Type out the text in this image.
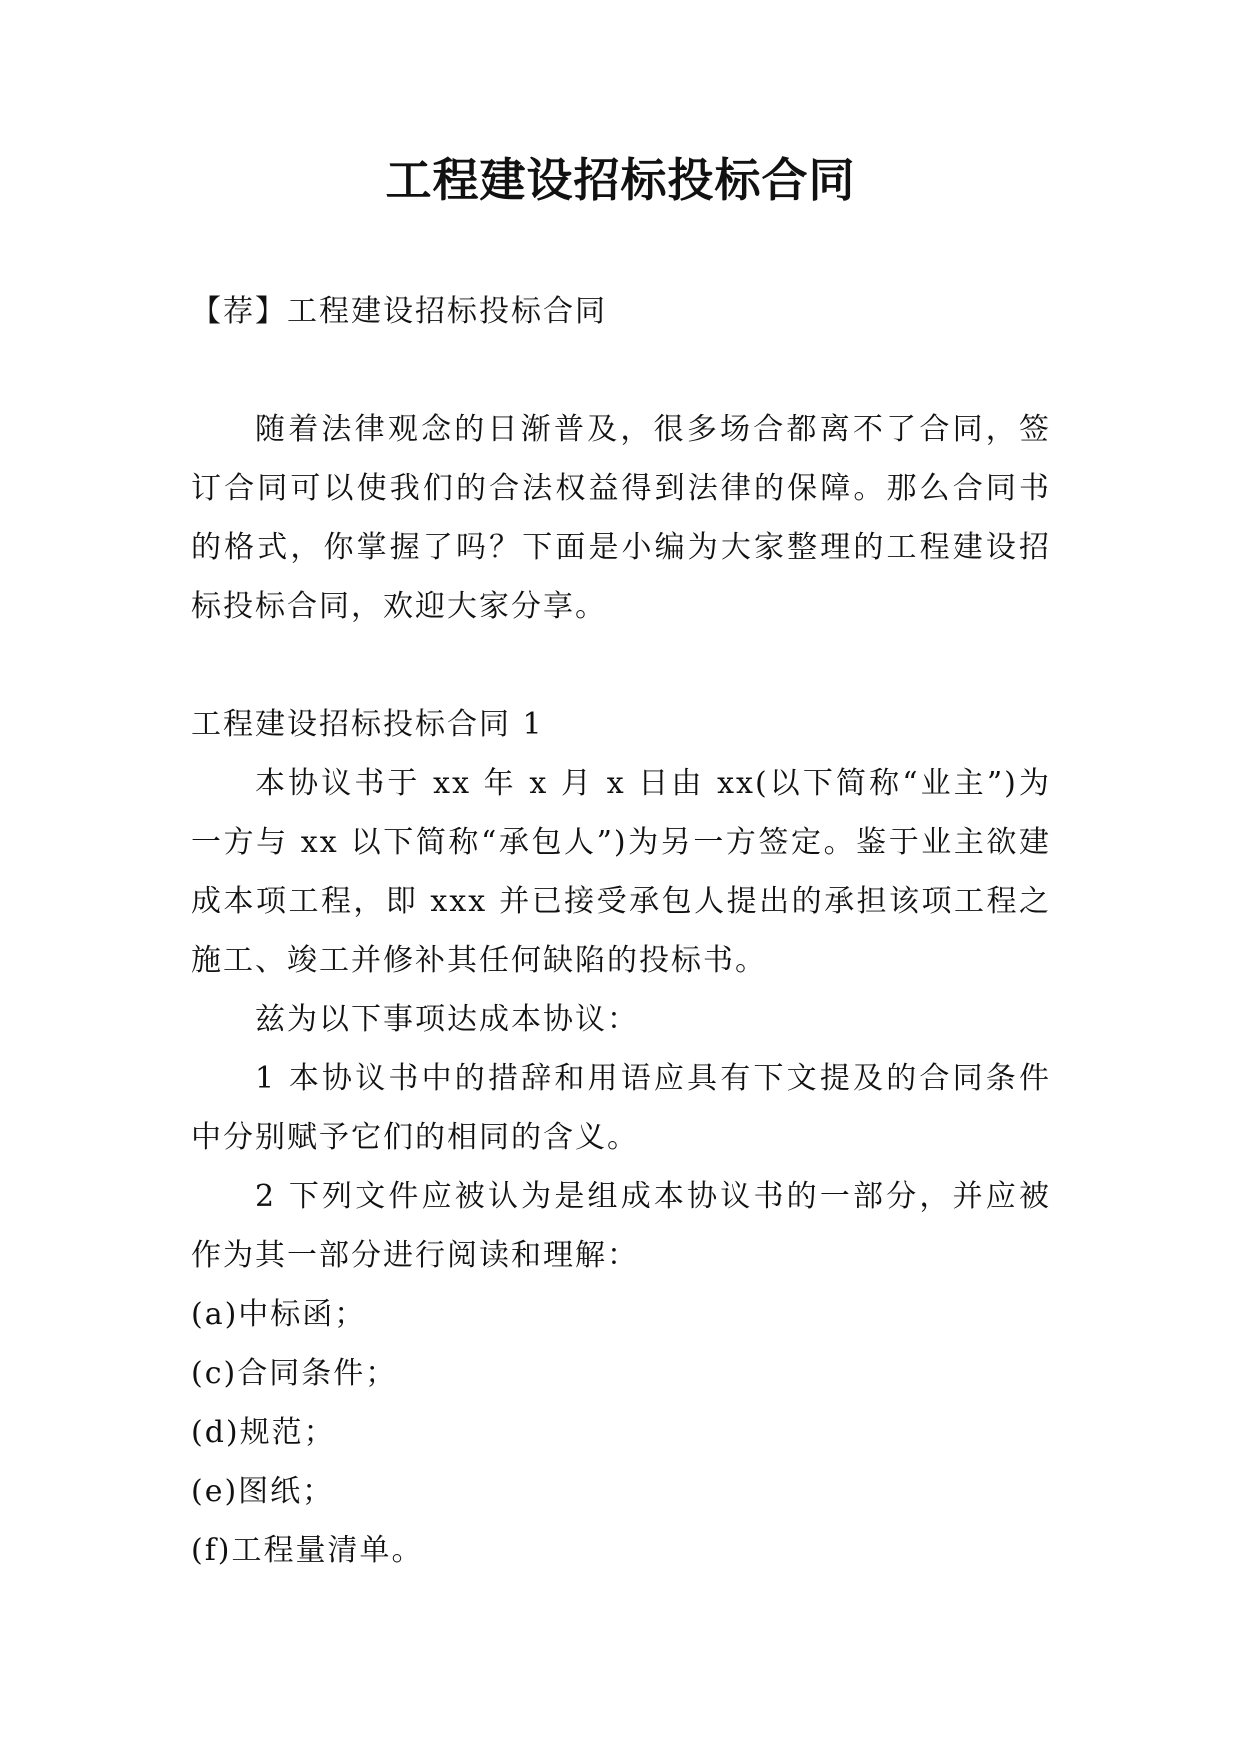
工程建设招标投标合同

【荐】工程建设招标投标合同

随着法律观念的日渐普及，很多场合都离不了合同，签订合同可以使我们的合法权益得到法律的保障。那么合同书的格式，你掌握了吗？下面是小编为大家整理的工程建设招标投标合同，欢迎大家分享。

工程建设招标投标合同 1

本协议书于 xx 年 x 月 x 日由 xx(以下简称“业主”)为一方与 xx 以下简称“承包人”)为另一方签定。鉴于业主欲建成本项工程，即 xxx 并已接受承包人提出的承担该项工程之施工、竣工并修补其任何缺陷的投标书。

兹为以下事项达成本协议：

1 本协议书中的措辞和用语应具有下文提及的合同条件中分别赋予它们的相同的含义。

2 下列文件应被认为是组成本协议书的一部分，并应被作为其一部分进行阅读和理解：

(a)中标函；

(c)合同条件；

(d)规范；

(e)图纸；

(f)工程量清单。
